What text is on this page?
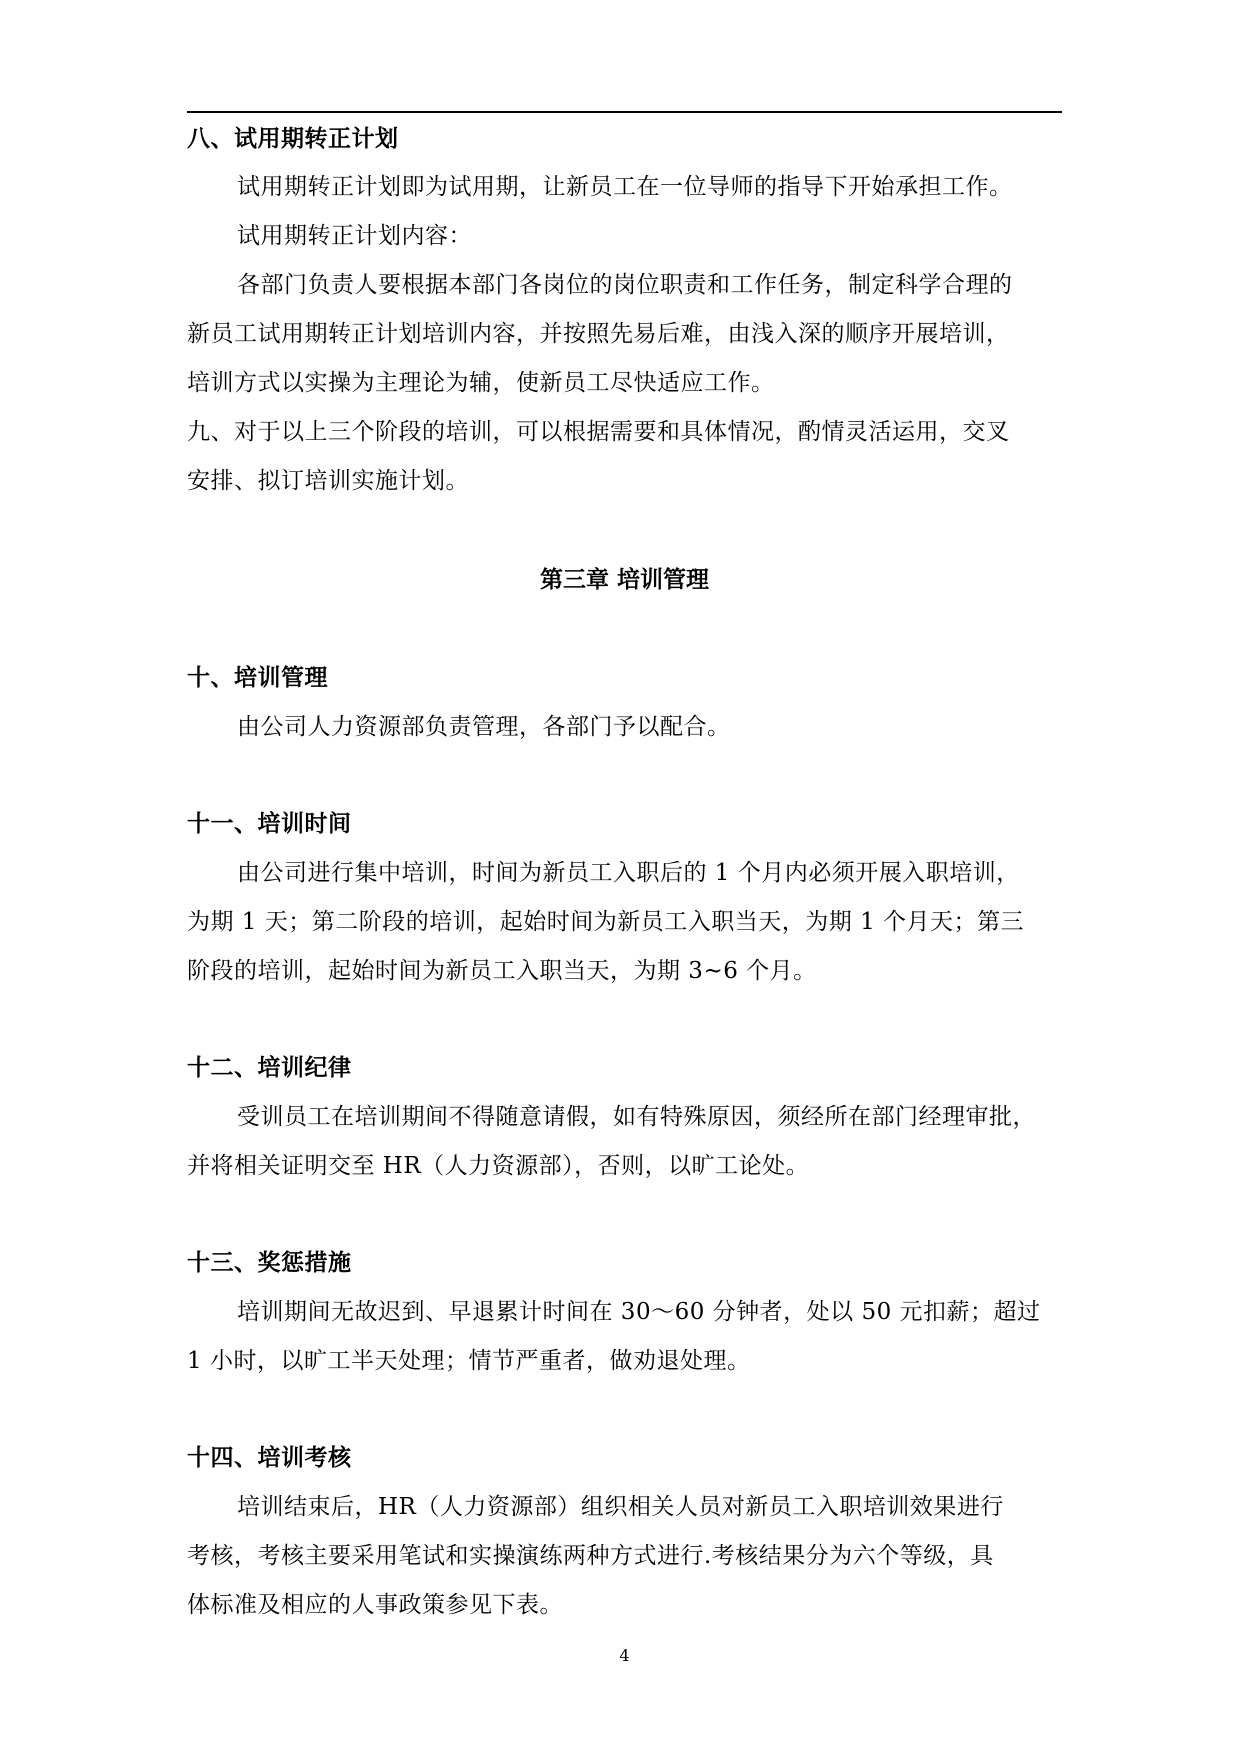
八、试用期转正计划
试用期转正计划即为试用期，让新员工在一位导师的指导下开始承担工作。
试用期转正计划内容：
各部门负责人要根据本部门各岗位的岗位职责和工作任务，制定科学合理的
新员工试用期转正计划培训内容，并按照先易后难，由浅入深的顺序开展培训，
培训方式以实操为主理论为辅，使新员工尽快适应工作。
九、对于以上三个阶段的培训，可以根据需要和具体情况，酌情灵活运用，交叉
安排、拟订培训实施计划。
第三章 培训管理
十、培训管理
由公司人力资源部负责管理，各部门予以配合。
十一、培训时间
由公司进行集中培训，时间为新员工入职后的 1 个月内必须开展入职培训，
为期 1 天；第二阶段的培训，起始时间为新员工入职当天，为期 1 个月天；第三
阶段的培训，起始时间为新员工入职当天，为期 3~6 个月。
十二、培训纪律
受训员工在培训期间不得随意请假，如有特殊原因，须经所在部门经理审批，
并将相关证明交至 HR（人力资源部），否则，以旷工论处。
十三、奖惩措施
培训期间无故迟到、早退累计时间在 30～60 分钟者，处以 50 元扣薪；超过
1 小时，以旷工半天处理；情节严重者，做劝退处理。
十四、培训考核
培训结束后，HR（人力资源部）组织相关人员对新员工入职培训效果进行
考核，考核主要采用笔试和实操演练两种方式进行.考核结果分为六个等级，具
体标准及相应的人事政策参见下表。
4
